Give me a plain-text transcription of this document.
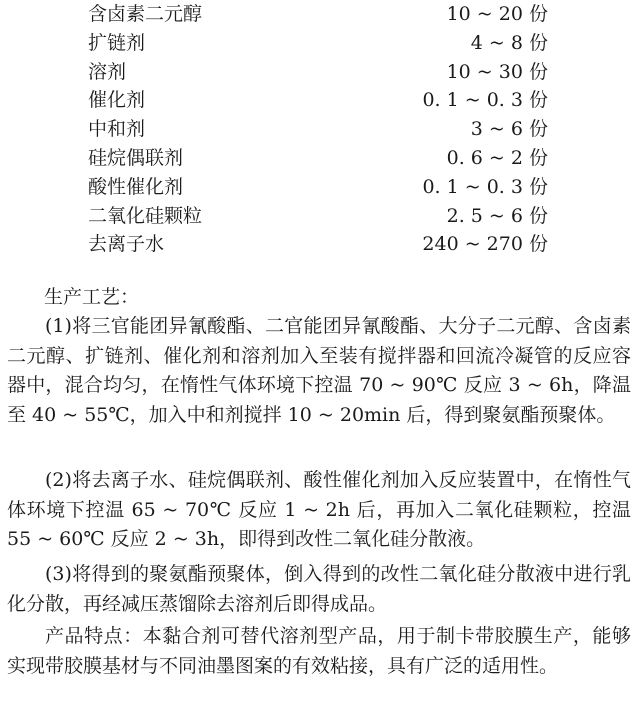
含卤素二元醇	10 ~ 20 份
扩链剂	4 ~ 8 份
溶剂	10 ~ 30 份
催化剂	0. 1 ~ 0. 3 份
中和剂	3 ~ 6 份
硅烷偶联剂	0. 6 ~ 2 份
酸性催化剂	0. 1 ~ 0. 3 份
二氧化硅颗粒	2. 5 ~ 6 份
去离子水	240 ~ 270 份
生产工艺：

(1)将三官能团异氰酸酯、二官能团异氰酸酯、大分子二元醇、含卤素二元醇、扩链剂、催化剂和溶剂加入至装有搅拌器和回流冷凝管的反应容器中，混合均匀，在惰性气体环境下控温 70 ~ 90℃ 反应 3 ~ 6h，降温至 40 ~ 55℃，加入中和剂搅拌 10 ~ 20min 后，得到聚氨酯预聚体。

(2)将去离子水、硅烷偶联剂、酸性催化剂加入反应装置中，在惰性气体环境下控温 65 ~ 70℃ 反应 1 ~ 2h 后，再加入二氧化硅颗粒，控温 55 ~ 60℃ 反应 2 ~ 3h，即得到改性二氧化硅分散液。

(3)将得到的聚氨酯预聚体，倒入得到的改性二氧化硅分散液中进行乳化分散，再经减压蒸馏除去溶剂后即得成品。

产品特点：本黏合剂可替代溶剂型产品，用于制卡带胶膜生产，能够实现带胶膜基材与不同油墨图案的有效粘接，具有广泛的适用性。
